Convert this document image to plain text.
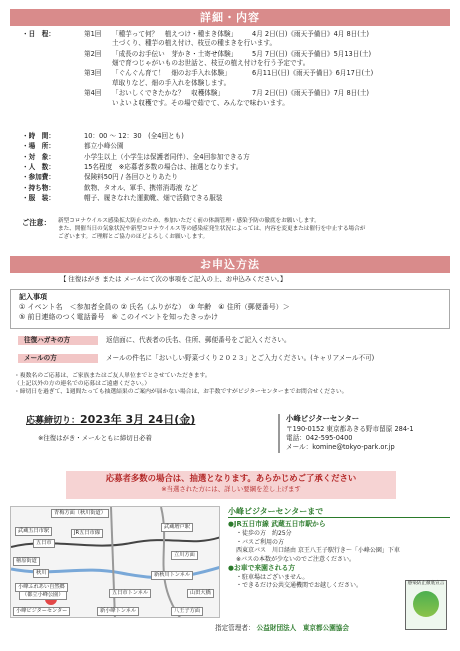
詳細・内容
・日　程：	第1回	「種芋って何？　植えつけ・種まき体験」	4月 2日(日)《雨天予備日》4月 8日(土)
土づくり、種芋の植え付け、枝豆の種まきを行います。
第2回	「成長のお手伝い　芽かき・土寄せ体験」	5月 7日(日)《雨天予備日》5月13日(土)
畑で育つじゃがいものお世話と、枝豆の植え付けを行う予定です。
第3回	「ぐんぐん育て！　畑のお手入れ体験」	6月11日(日)《雨天予備日》6月17日(土)
草取りなど、畑の手入れを体験します。
第4回	「おいしくできたかな？　収穫体験」	7月 2日(日)《雨天予備日》7月 8日(土)
いよいよ収穫です。その場で茹でて、みんなで味わいます。
・時　間：	10：00 ～ 12：30　(全4回とも)
・場　所：	都立小峰公園
・対　象：	小学生以上（小学生は保護者同伴）、全4回参加できる方
・人　数：	15名程度　※応募者多数の場合は、抽選となります。
・参加費：	保険料50円 / 各回ひとりあたり
・持ち物：	飲物、タオル、軍手、携帯消毒液 など
・服　装：	帽子、履きなれた運動靴、畑で活動できる服装
ご注意：	新型コロナウイルス感染拡大防止のため、参加いただく前の体調管理・感染予防の徹底をお願いします。
また、開催当日の気象状況や新型コロナウイルス等の感染症発生状況によっては、内容を変更または催行を中止する場合が
ございます。ご理解とご協力のほどよろしくお願いします。
お申込方法
【 往復はがき または メールにて次の事項をご記入の上、お申込みください。】
記入事項
① イベント名　＜参加者全員の ② 氏名（ふりがな）　③ 年齢　④ 住所（郵便番号）＞
⑤ 前日連絡のつく電話番号　⑥ このイベントを知ったきっかけ
往復ハガキの方	返信面に、代表者の氏名、住所、郵便番号をご記入ください。
メールの方	メールの件名に「おいしい野菜づくり２０２３」とご入力ください。(キャリアメール不可)
・複数名のご応募は、ご家族またはご友人単位までとさせていただきます。
（上記以外の方の連名での応募はご遠慮ください。）
・締切日を過ぎて、1週間たっても抽選結果のご案内が届かない場合は、お手数ですがビジターセンターまでお問合せください。
応募締切り：2023年 3月 24日(金)
※往復はがき・メールともに締切日必着
小峰ビジターセンター
〒190-0152 東京都あきる野市留原 284-1
電話：042-595-0400
メール：komine@tokyo-park.or.jp
応募者多数の場合は、抽選となります。あらかじめご了承ください
※当選された方には、詳しい要綱を差し上げます
青梅方面（秋川街道）
武蔵五日市駅	JR五日市線
武蔵増戸駅
五日市
檜原街道
秋川
立川方面
小峰ふれあい自然郷
（都立小峰公園）
小峰ビジターセンター
五日市トンネル
新小峰トンネル	八王子方面
新秋川トンネル
山田大橋
小峰ビジターセンターまで
●JR五日市線 武蔵五日市駅から
・徒歩の方　約25分
・バスご利用の方
西東京バス　川口経由 京王八王子駅行き〜「小峰公園」下車
※バスの本数が少ないのでご注意ください。
●お車で来園される方
・駐車場はございません。
・できるだけ公共交通機関でお越しください。	感染防止徹底宣言
指定管理者： 公益財団法人　東京都公園協会
